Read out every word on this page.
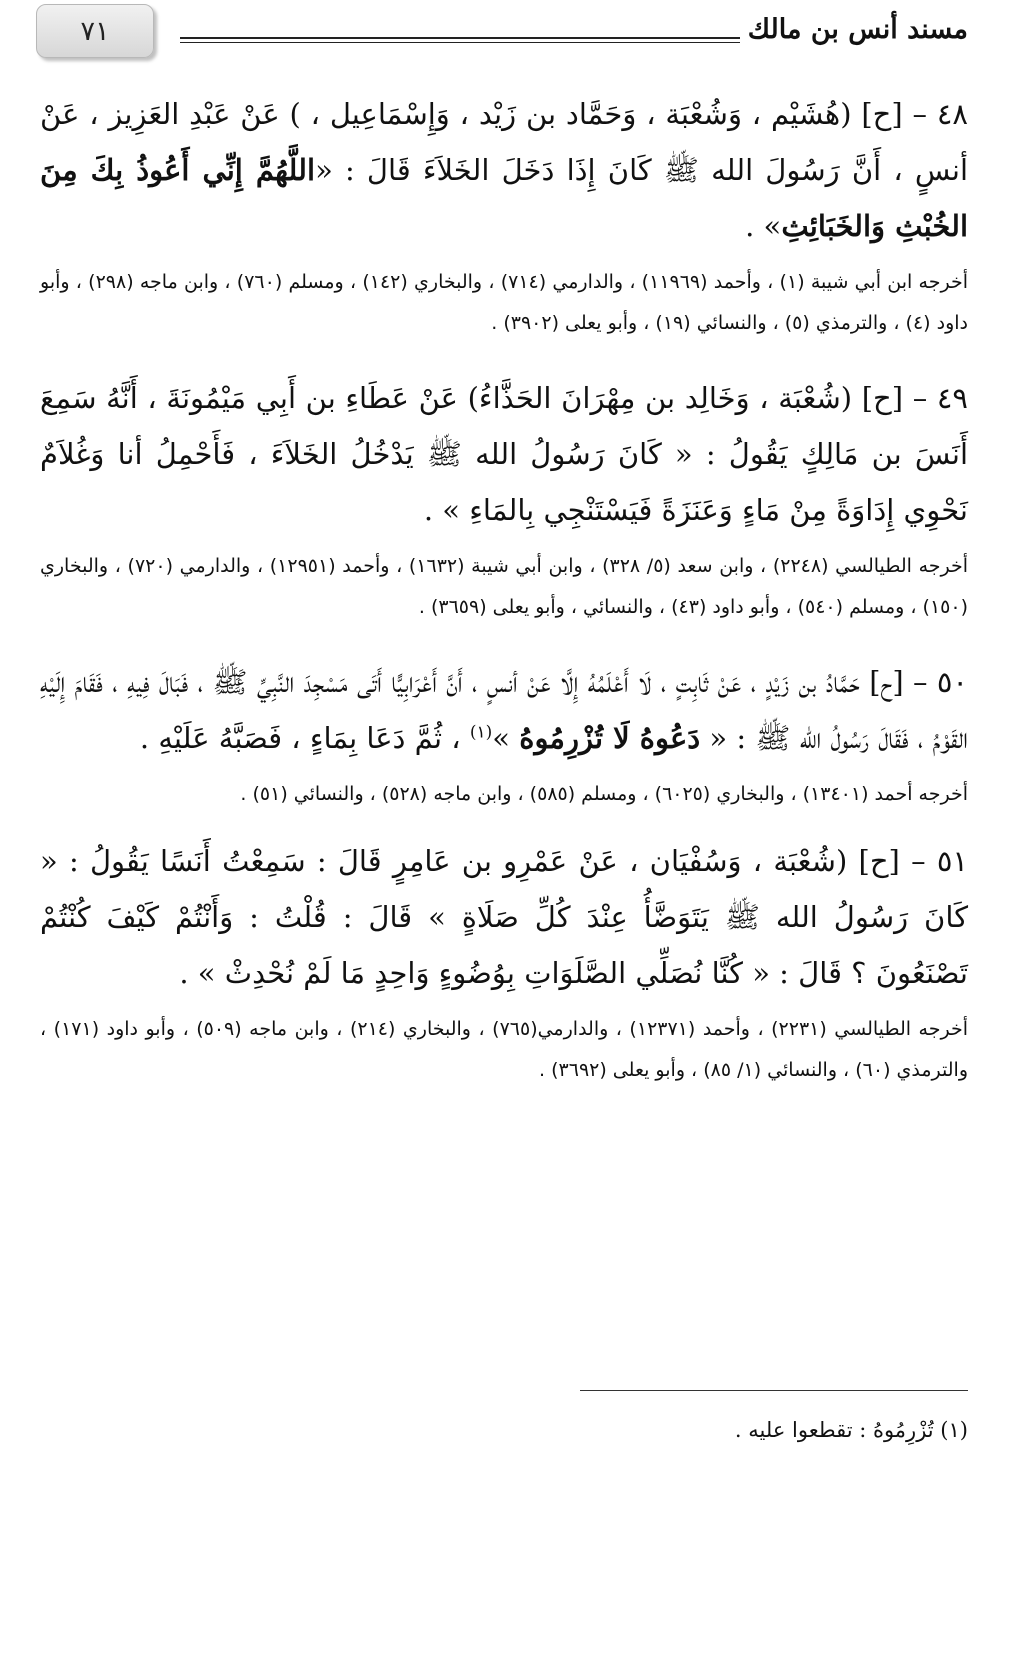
٧١	مسند أنس بن مالك

٤٨ – [ح] (هُشَيْم ، وَشُعْبَة ، وَحَمَّاد بن زَيْد ، وَإِسْمَاعِيل ، ) عَنْ عَبْدِ العَزِيز ، عَنْ أنسٍ ، أَنَّ رَسُولَ الله ﷺ كَانَ إِذَا دَخَلَ الخَلاَءَ قَالَ : «اللَّهُمَّ إِنِّي أَعُوذُ بِكَ مِنَ الخُبْثِ وَالخَبَائِثِ» .

أخرجه ابن أبي شيبة (١) ، وأحمد (١١٩٦٩) ، والدارمي (٧١٤) ، والبخاري (١٤٢) ، ومسلم (٧٦٠) ، وابن ماجه (٢٩٨) ، وأبو داود (٤) ، والترمذي (٥) ، والنسائي (١٩) ، وأبو يعلى (٣٩٠٢) .

٤٩ – [ح] (شُعْبَة ، وَخَالِد بن مِهْرَانَ الحَذَّاءُ) عَنْ عَطَاءِ بن أَبِي مَيْمُونَةَ ، أَنَّهُ سَمِعَ أَنَسَ بن مَالِكٍ يَقُولُ : « كَانَ رَسُولُ الله ﷺ يَدْخُلُ الخَلاَءَ ، فَأَحْمِلُ أنا وَغُلاَمٌ نَحْوِي إِدَاوَةً مِنْ مَاءٍ وَعَنَزَةً فَيَسْتَنْجِي بِالمَاءِ » .

أخرجه الطيالسي (٢٢٤٨) ، وابن سعد (٥/ ٣٢٨) ، وابن أبي شيبة (١٦٣٢) ، وأحمد (١٢٩٥١) ، والدارمي (٧٢٠) ، والبخاري (١٥٠) ، ومسلم (٥٤٠) ، وأبو داود (٤٣) ، والنسائي ، وأبو يعلى (٣٦٥٩) .

٥٠ – [ح] حَمَّادُ بن زَيْدٍ ، عَنْ ثَابِتٍ ، لَا أَعْلَمُهُ إِلَّا عَنْ أنسٍ ، أَنَّ أَعْرَابِيًّا أَتَى مَسْجِدَ النَّبِيِّ ﷺ ، فَبَالَ فِيهِ ، فَقَامَ إِلَيْهِ القَوْمُ ، فَقَالَ رَسُولُ الله ﷺ : « دَعُوهُ لَا تُزْرِمُوهُ »$^{(١)}$ ، ثُمَّ دَعَا بِمَاءٍ ، فَصَبَّهُ عَلَيْهِ .

أخرجه أحمد (١٣٤٠١) ، والبخاري (٦٠٢٥) ، ومسلم (٥٨٥) ، وابن ماجه (٥٢٨) ، والنسائي (٥١) .

٥١ – [ح] (شُعْبَة ، وَسُفْيَان ، عَنْ عَمْرِو بن عَامِرٍ قَالَ : سَمِعْتُ أَنَسًا يَقُولُ : « كَانَ رَسُولُ الله ﷺ يَتَوَضَّأُ عِنْدَ كُلِّ صَلَاةٍ » قَالَ : قُلْتُ : وَأَنْتُمْ كَيْفَ كُنْتُمْ تَصْنَعُونَ ؟ قَالَ : « كُنَّا نُصَلِّي الصَّلَوَاتِ بِوُضُوءٍ وَاحِدٍ مَا لَمْ نُحْدِثْ » .

أخرجه الطيالسي (٢٢٣١) ، وأحمد (١٢٣٧١) ، والدارمي(٧٦٥) ، والبخاري (٢١٤) ، وابن ماجه (٥٠٩) ، وأبو داود (١٧١) ، والترمذي (٦٠) ، والنسائي (١/ ٨٥) ، وأبو يعلى (٣٦٩٢) .

(١) تُزْرِمُوهُ : تقطعوا عليه .
